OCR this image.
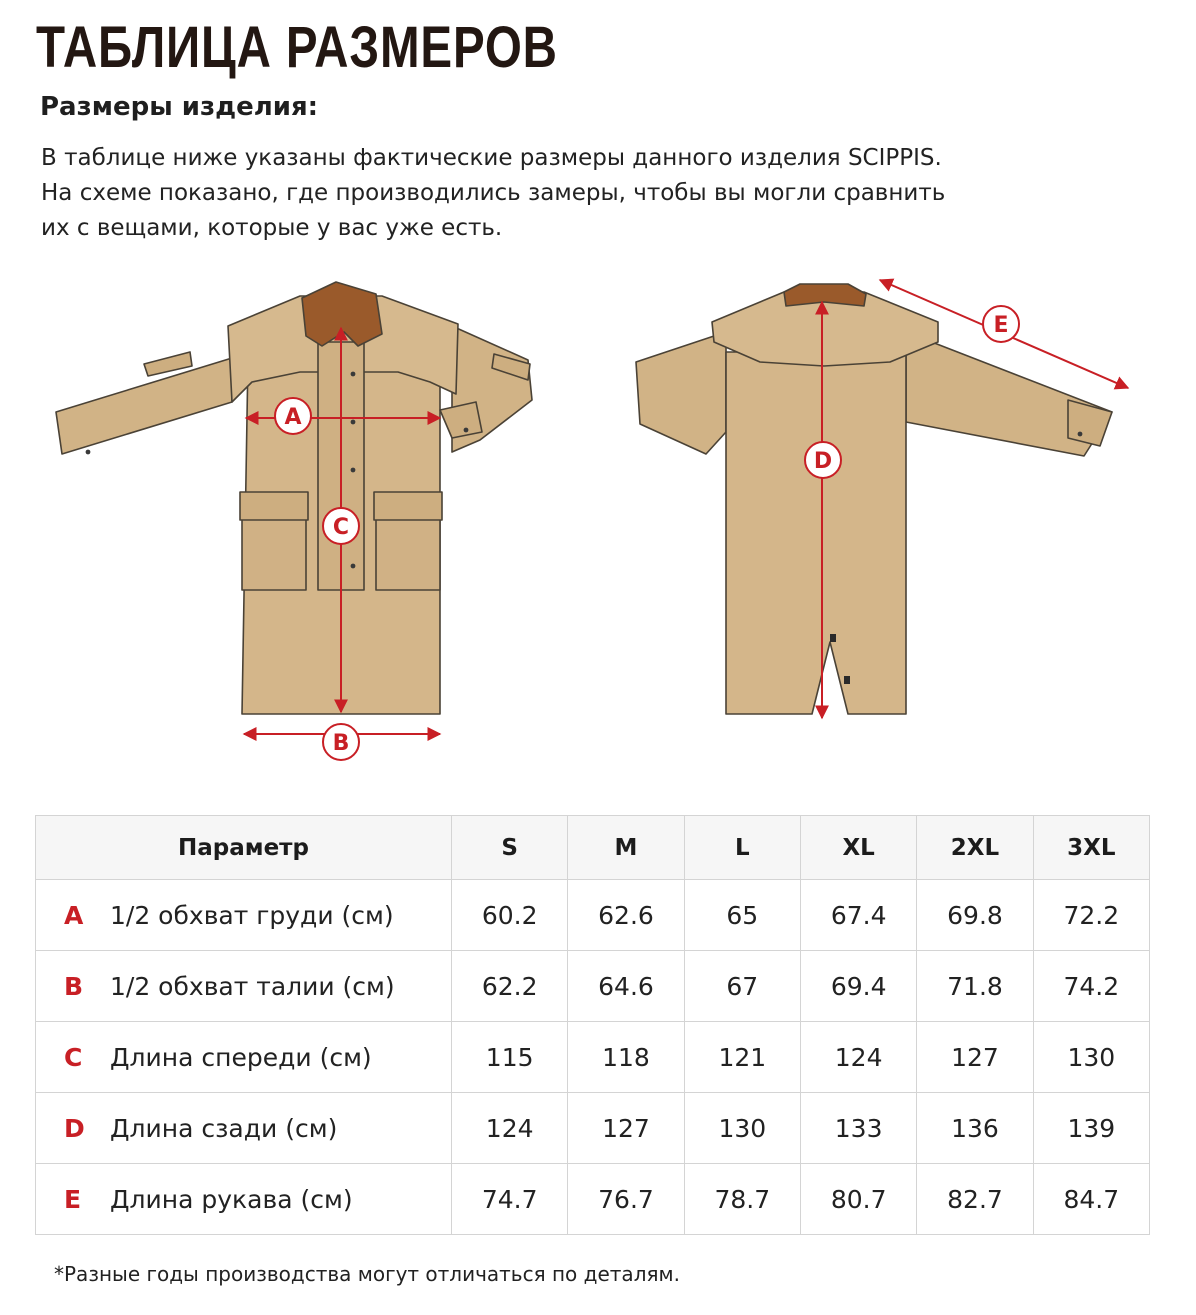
ТАБЛИЦА РАЗМЕРОВ
Размеры изделия:
В таблице ниже указаны фактические размеры данного изделия SCIPPIS.
На схеме показано, где производились замеры, чтобы вы могли сравнить
их с вещами, которые у вас уже есть.
A
C
B
D
E
Параметр	S	M	L	XL	2XL	3XL
A 1/2 обхват груди (см)	60.2	62.6	65	67.4	69.8	72.2
B 1/2 обхват талии (см)	62.2	64.6	67	69.4	71.8	74.2
C Длина спереди (см)	115	118	121	124	127	130
D Длина сзади (см)	124	127	130	133	136	139
E Длина рукава (см)	74.7	76.7	78.7	80.7	82.7	84.7
*Разные годы производства могут отличаться по деталям.
